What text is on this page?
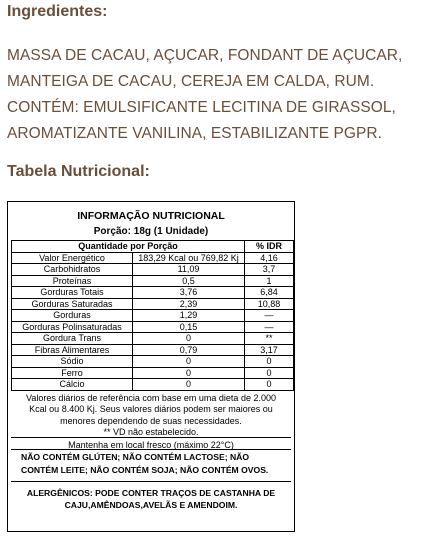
Ingredientes:
MASSA DE CACAU, AÇUCAR, FONDANT DE AÇUCAR, MANTEIGA DE CACAU, CEREJA EM CALDA, RUM. CONTÉM: EMULSIFICANTE LECITINA DE GIRASSOL, AROMATIZANTE VANILINA, ESTABILIZANTE PGPR.
Tabela Nutricional:
INFORMAÇÃO NUTRICIONAL
Porção: 18g (1 Unidade)
Quantidade por Porção		% IDR
Valor Energético	183,29 Kcal ou 769,82 Kj	4,16
Carbohidratos	11,09	3,7
Proteínas	0,5	1
Gorduras Totais	3,76	6,84
Gorduras Saturadas	2,39	10,88
Gorduras	1,29	—
Gorduras Polinsaturadas	0,15	—
Gordura Trans	0	**
Fibras Alimentares	0,79	3,17
Sódio	0	0
Ferro	0	0
Cálcio	0	0
Valores diários de referência com base em uma dieta de 2.000 Kcal ou 8.400 Kj. Seus valores diários podem ser maiores ou menores dependendo de suas necessidades.
** VD não estabelecido.
Mantenha em local fresco (máximo 22°C)
NÃO CONTÉM GLÚTEN; NÃO CONTÉM LACTOSE; NÃO CONTÉM LEITE; NÃO CONTÉM SOJA; NÃO CONTÉM OVOS.
ALERGÊNICOS: PODE CONTER TRAÇOS DE CASTANHA DE CAJU,AMÊNDOAS,AVELÃS E AMENDOIM.
